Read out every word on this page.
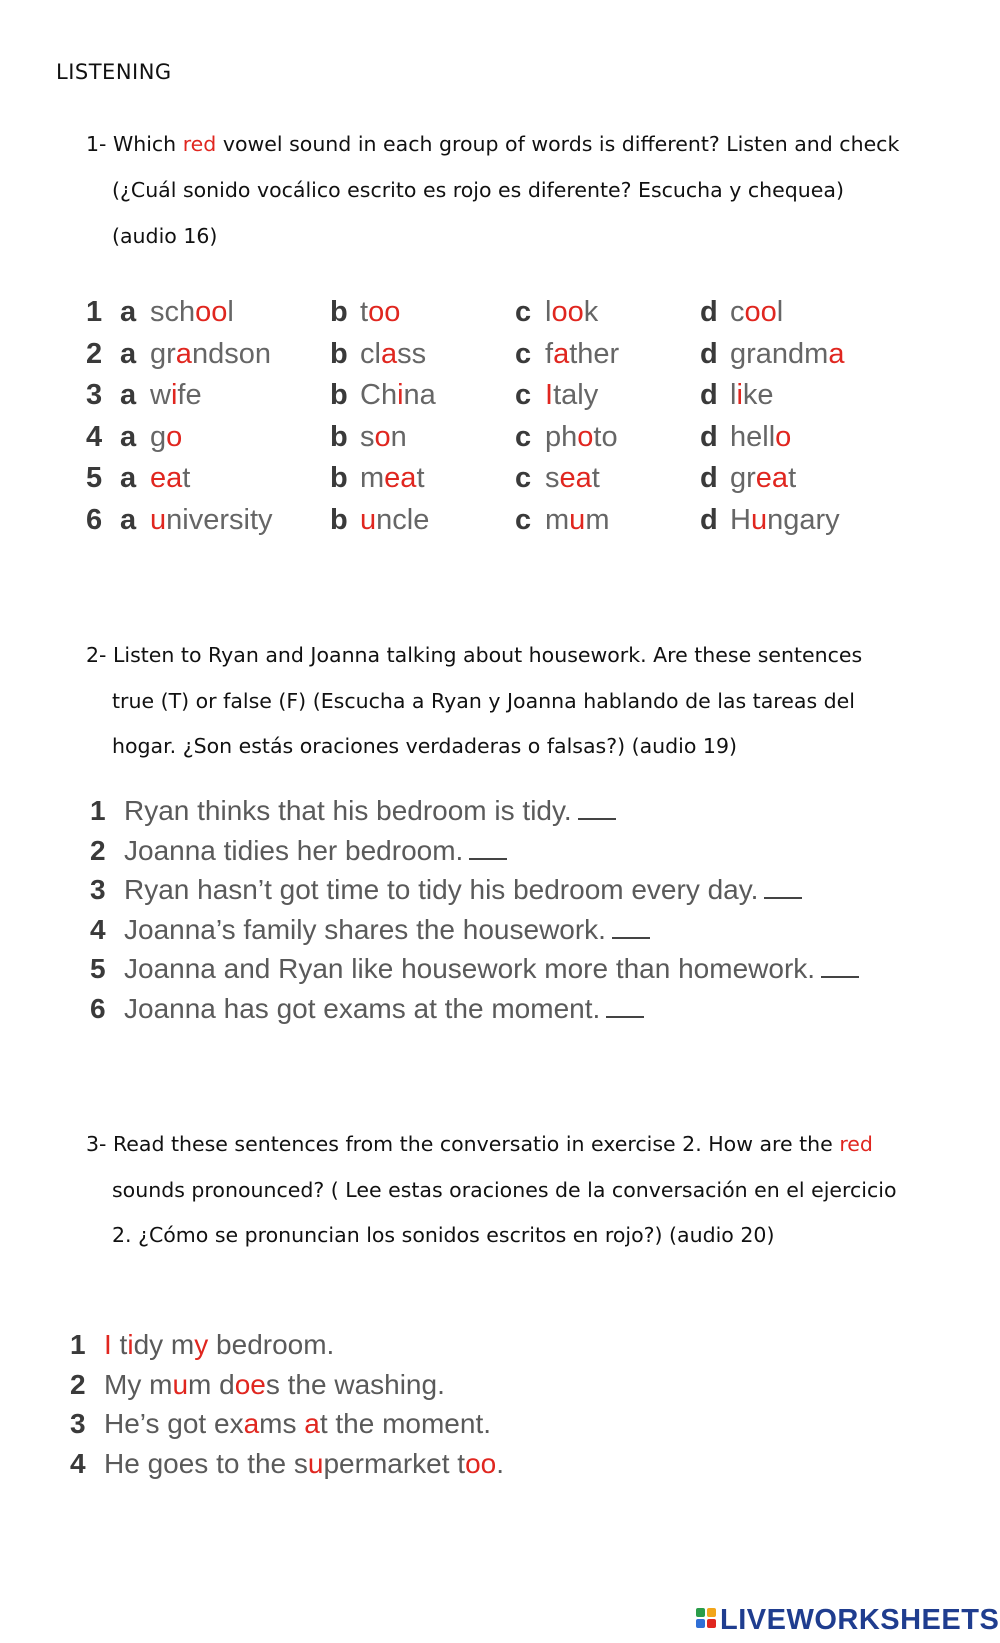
LISTENING
1- Which red vowel sound in each group of words is different? Listen and check
(¿Cuál sonido vocálico escrito es rojo es diferente? Escucha y chequea)
(audio 16)
1 a school	b too	c look	d cool
2 a grandson b class	c father	d grandma
3 a wife	b China	c Italy	d like
4 a go	b son	c photo	d hello
5 a eat	b meat	c seat	d great
6 a university b uncle	c mum	d Hungary
2- Listen to Ryan and Joanna talking about housework. Are these sentences
true (T) or false (F) (Escucha a Ryan y Joanna hablando de las tareas del
hogar. ¿Son estás oraciones verdaderas o falsas?) (audio 19)
1 Ryan thinks that his bedroom is tidy.
2 Joanna tidies her bedroom.
3 Ryan hasn’t got time to tidy his bedroom every day.
4 Joanna’s family shares the housework.
5 Joanna and Ryan like housework more than homework.
6 Joanna has got exams at the moment.
3- Read these sentences from the conversatio in exercise 2. How are the red
sounds pronounced? ( Lee estas oraciones de la conversación en el ejercicio
2. ¿Cómo se pronuncian los sonidos escritos en rojo?) (audio 20)
1 I tidy my bedroom.
2 My mum does the washing.
3 He’s got exams at the moment.
4 He goes to the supermarket too.
LIVEWORKSHEETS
